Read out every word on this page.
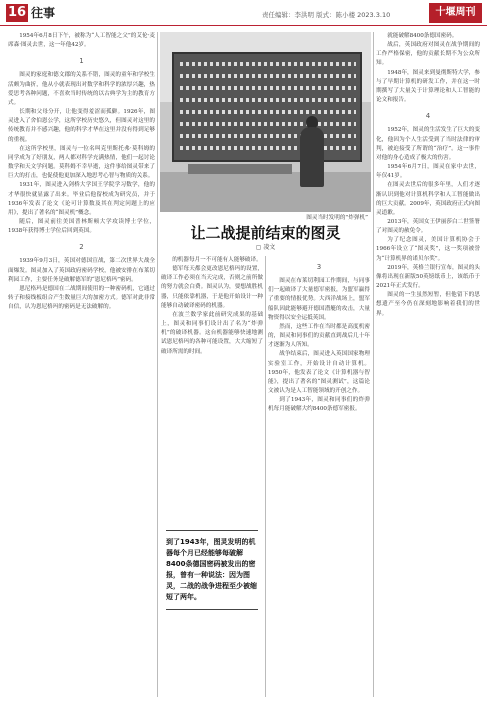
16 往事	责任编辑：李洪明 版式：陈小楼 2023.3.10	十堰周刊

1954年6月8日下午，被称为“人工智能之父”的艾伦·麦席森·图灵去世，这一年他42岁。

1

图灵的家庭和德文郡的关系不错，图灵的童年和学校生活颇为曲折，他从小就表现出对数学和科学的浓厚兴趣，热爱思考各种问题，不喜欢当时传统的以古典学为主的教育方式。

长期和父母分开，让他变得羞涩而孤僻。1926年，图灵进入了舍伯恩公学，这所学校历史悠久，但图灵对这里的传统教育并不感兴趣，他的科学才华在这里并没有得到足够的重视。

在这所学校里，图灵与一位名叫克里斯托弗·莫科姆的同学成为了好朋友，两人都对科学充满热情，他们一起讨论数学和天文学问题。莫科姆不幸早逝，这件事给图灵带来了巨大的打击，也促使他更加深入地思考心智与物质的关系。

1931年，图灵进入剑桥大学国王学院学习数学，他的才华很快就显露了出来。毕业后他留校成为研究员，并于1936年发表了论文《论可计算数及其在判定问题上的应用》，提出了著名的“图灵机”概念。

随后，图灵前往美国普林斯顿大学攻读博士学位，1938年获得博士学位后回到英国。

2

1939年9月3日，英国对德国宣战，第二次世界大战全面爆发。图灵加入了英国政府密码学校，他被安排在布莱切利园工作，主要任务是破解德军的“恩尼格玛”密码。

恩尼格玛是德国在二战期间使用的一种密码机，它通过转子和接线板组合产生数量巨大的加密方式。德军对此非常自信，认为恩尼格玛的密码是无法破解的。

图灵当时发明的“炸弹机”
让二战提前结束的图灵
▢ 凌文

的机器每月一不可能有人能够破译。

德军每天都会更改恩尼格玛的设置，破译工作必须在当天完成，否则之前所做的努力就会白费。图灵认为，要想战胜机器，只能依靠机器，于是他开始设计一种能够自动破译密码的机器。

在波兰数学家此前研究成果的基础上，图灵和同事们设计出了名为“炸弹机”的破译机器。这台机器能够快速地测试恩尼格玛的各种可能设置，大大缩短了破译所需的时间。

到了1943年，图灵发明的机器每个月已经能够每破解8400条德国密码被发出的密报，曾有一种说法：因为图灵，二战的战争进程至少被缩短了两年。

3

图灵在布莱切利园工作期间，与同事们一起破译了大量德军密报，为盟军赢得了重要的情报优势。大西洋战场上，盟军船队因此能够避开德国潜艇的攻击，大量物资得以安全运抵英国。

然而，这些工作在当时都是高度机密的，图灵和同事们的贡献直到战后几十年才逐渐为人所知。

战争结束后，图灵进入英国国家物理实验室工作，开始设计自动计算机。1950年，他发表了论文《计算机器与智能》，提出了著名的“图灵测试”，这篇论文被认为是人工智能领域的开创之作。

到了1943年，图灵和同事们的炸弹机每月能破解大约8400条德军密报。

就能破解8400条德国密码。

战后，英国政府对图灵在战争期间的工作严格保密，他的贡献长期不为公众所知。

1948年，图灵来到曼彻斯特大学，参与了早期计算机的研发工作，并在这一时期撰写了大量关于计算理论和人工智能的论文和报告。

4

1952年，图灵的生活发生了巨大的变化，他因为个人生活受到了当时法律的审判，被迫接受了所谓的“治疗”。这一事件对他的身心造成了极大的伤害。

1954年6月7日，图灵在家中去世，年仅41岁。

在图灵去世后的很多年里，人们才逐渐认识到他对计算机科学和人工智能做出的巨大贡献。2009年，英国政府正式向图灵道歉。

2013年，英国女王伊丽莎白二世签署了对图灵的赦免令。

为了纪念图灵，美国计算机协会于1966年设立了“图灵奖”，这一奖项被誉为“计算机界的诺贝尔奖”。

2019年，英格兰银行宣布，图灵的头像将出现在新版50英镑纸币上，该纸币于2021年正式发行。

图灵的一生虽然短暂，但他留下的思想遗产至今仍在深刻地影响着我们的世界。
